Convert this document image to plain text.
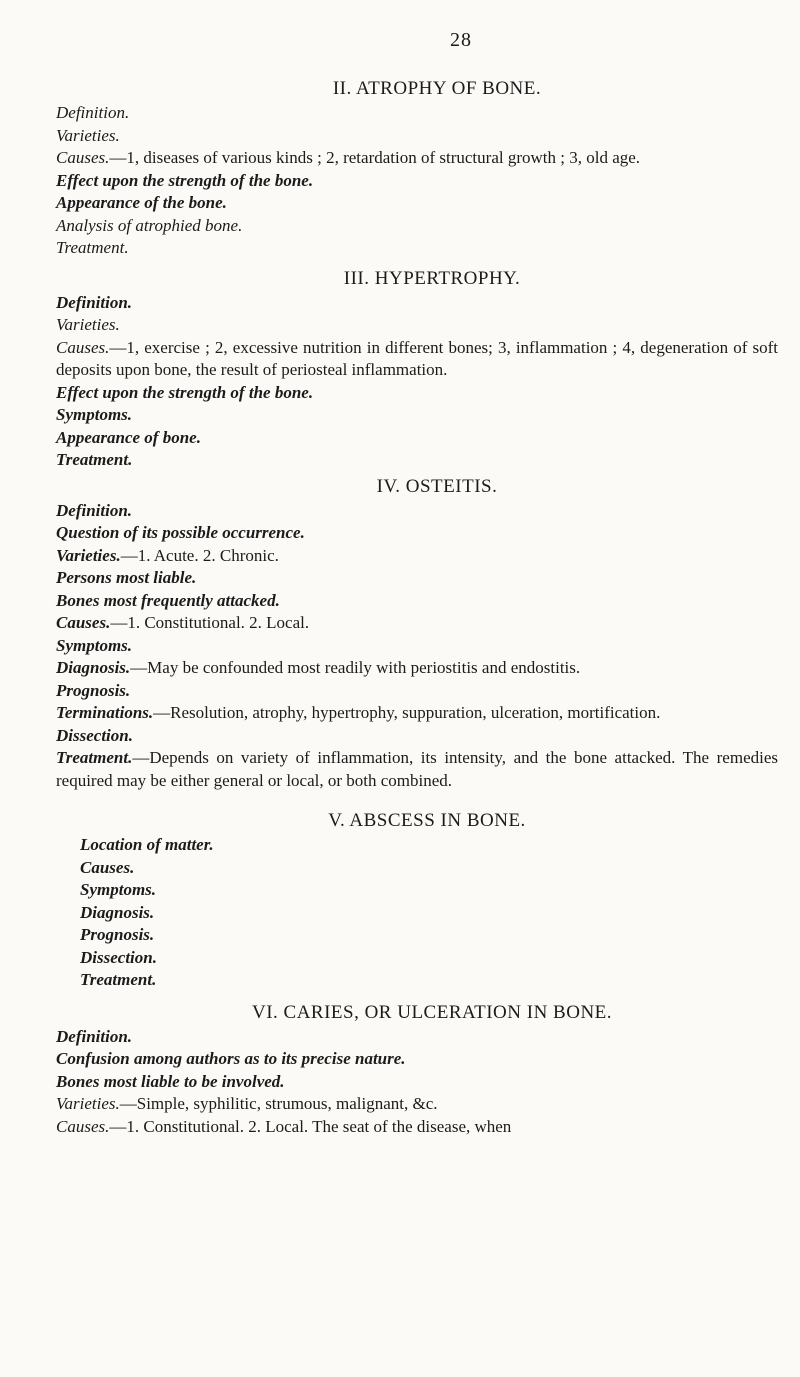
28
II. ATROPHY OF BONE.

Definition.

Varieties.

Causes.—1, diseases of various kinds ; 2, retardation of structural growth ; 3, old age.

Effect upon the strength of the bone.

Appearance of the bone.

Analysis of atrophied bone.

Treatment.

III. HYPERTROPHY.

Definition.

Varieties.

Causes.—1, exercise ; 2, excessive nutrition in different bones; 3, inflammation ; 4, degeneration of soft deposits upon bone, the result of periosteal inflammation.

Effect upon the strength of the bone.

Symptoms.

Appearance of bone.

Treatment.

IV. OSTEITIS.

Definition.

Question of its possible occurrence.

Varieties.—1. Acute. 2. Chronic.

Persons most liable.

Bones most frequently attacked.

Causes.—1. Constitutional. 2. Local.

Symptoms.

Diagnosis.—May be confounded most readily with periostitis and endostitis.

Prognosis.

Terminations.—Resolution, atrophy, hypertrophy, suppuration, ulceration, mortification.

Dissection.

Treatment.—Depends on variety of inflammation, its intensity, and the bone attacked. The remedies required may be either general or local, or both combined.

V. ABSCESS IN BONE.

Location of matter.

Causes.

Symptoms.

Diagnosis.

Prognosis.

Dissection.

Treatment.

VI. CARIES, OR ULCERATION IN BONE.

Definition.

Confusion among authors as to its precise nature.

Bones most liable to be involved.

Varieties.—Simple, syphilitic, strumous, malignant, &c.

Causes.—1. Constitutional. 2. Local. The seat of the disease, when
